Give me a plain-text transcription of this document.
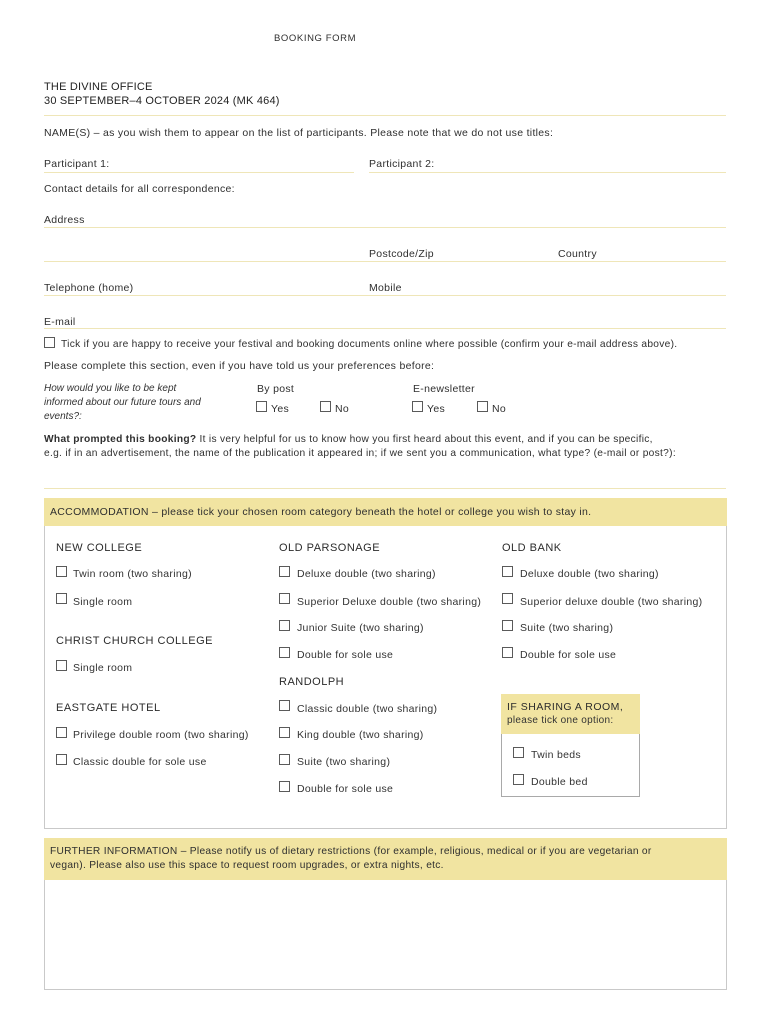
BOOKING FORM
THE DIVINE OFFICE
30 SEPTEMBER–4 OCTOBER 2024 (MK 464)
NAME(S) – as you wish them to appear on the list of participants. Please note that we do not use titles:
Participant 1:	Participant 2:
Contact details for all correspondence:
Address
Postcode/Zip	Country
Telephone (home)	Mobile
E-mail
Tick if you are happy to receive your festival and booking documents online where possible (confirm your e-mail address above).
Please complete this section, even if you have told us your preferences before:
How would you like to be kept informed about our future tours and events?:
By post	E-newsletter
Yes	No	Yes	No
What prompted this booking? It is very helpful for us to know how you first heard about this event, and if you can be specific,
e.g. if in an advertisement, the name of the publication it appeared in; if we sent you a communication, what type? (e-mail or post?):
ACCOMMODATION – please tick your chosen room category beneath the hotel or college you wish to stay in.
NEW COLLEGE
Twin room (two sharing)
Single room
CHRIST CHURCH COLLEGE
Single room
EASTGATE HOTEL
Privilege double room (two sharing)
Classic double for sole use
OLD PARSONAGE
Deluxe double (two sharing)
Superior Deluxe double (two sharing)
Junior Suite (two sharing)
Double for sole use
RANDOLPH
Classic double (two sharing)
King double (two sharing)
Suite (two sharing)
Double for sole use
OLD BANK
Deluxe double (two sharing)
Superior deluxe double (two sharing)
Suite (two sharing)
Double for sole use
IF SHARING A ROOM,
please tick one option:
Twin beds
Double bed
FURTHER INFORMATION – Please notify us of dietary restrictions (for example, religious, medical or if you are vegetarian or
vegan). Please also use this space to request room upgrades, or extra nights, etc.
